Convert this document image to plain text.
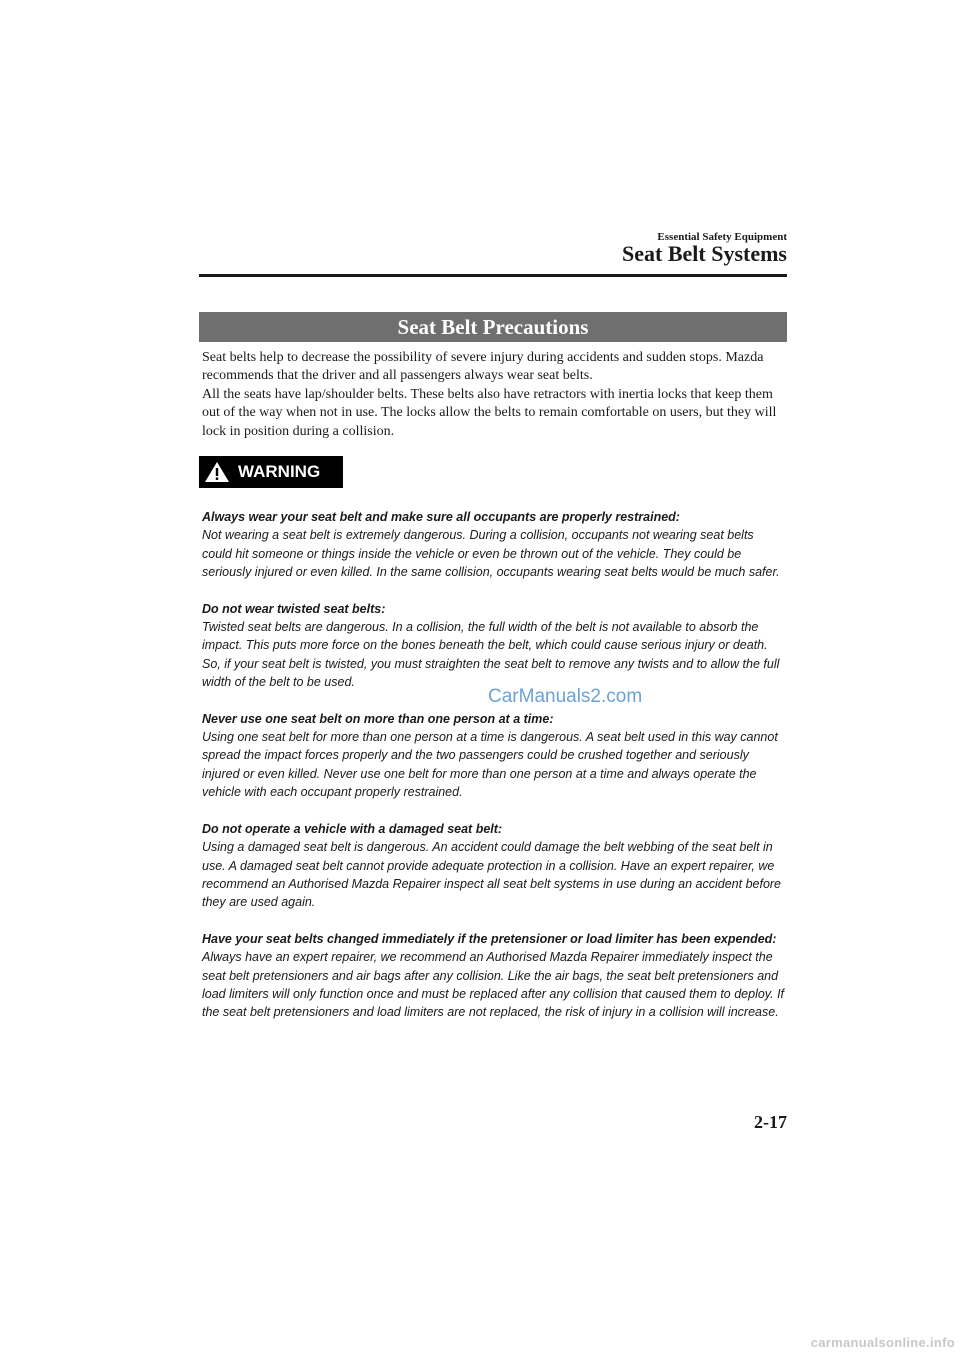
Essential Safety Equipment
Seat Belt Systems
Seat Belt Precautions

Seat belts help to decrease the possibility of severe injury during accidents and sudden stops. Mazda recommends that the driver and all passengers always wear seat belts.

All the seats have lap/shoulder belts. These belts also have retractors with inertia locks that keep them out of the way when not in use. The locks allow the belts to remain comfortable on users, but they will lock in position during a collision.

WARNING

Always wear your seat belt and make sure all occupants are properly restrained:

Not wearing a seat belt is extremely dangerous. During a collision, occupants not wearing seat belts could hit someone or things inside the vehicle or even be thrown out of the vehicle. They could be seriously injured or even killed. In the same collision, occupants wearing seat belts would be much safer.

Do not wear twisted seat belts:

Twisted seat belts are dangerous. In a collision, the full width of the belt is not available to absorb the impact. This puts more force on the bones beneath the belt, which could cause serious injury or death. So, if your seat belt is twisted, you must straighten the seat belt to remove any twists and to allow the full width of the belt to be used.

Never use one seat belt on more than one person at a time:

Using one seat belt for more than one person at a time is dangerous. A seat belt used in this way cannot spread the impact forces properly and the two passengers could be crushed together and seriously injured or even killed. Never use one belt for more than one person at a time and always operate the vehicle with each occupant properly restrained.

Do not operate a vehicle with a damaged seat belt:

Using a damaged seat belt is dangerous. An accident could damage the belt webbing of the seat belt in use. A damaged seat belt cannot provide adequate protection in a collision. Have an expert repairer, we recommend an Authorised Mazda Repairer inspect all seat belt systems in use during an accident before they are used again.

Have your seat belts changed immediately if the pretensioner or load limiter has been expended:

Always have an expert repairer, we recommend an Authorised Mazda Repairer immediately inspect the seat belt pretensioners and air bags after any collision. Like the air bags, the seat belt pretensioners and load limiters will only function once and must be replaced after any collision that caused them to deploy. If the seat belt pretensioners and load limiters are not replaced, the risk of injury in a collision will increase.

CarManuals2.com
2-17
carmanualsonline.info
